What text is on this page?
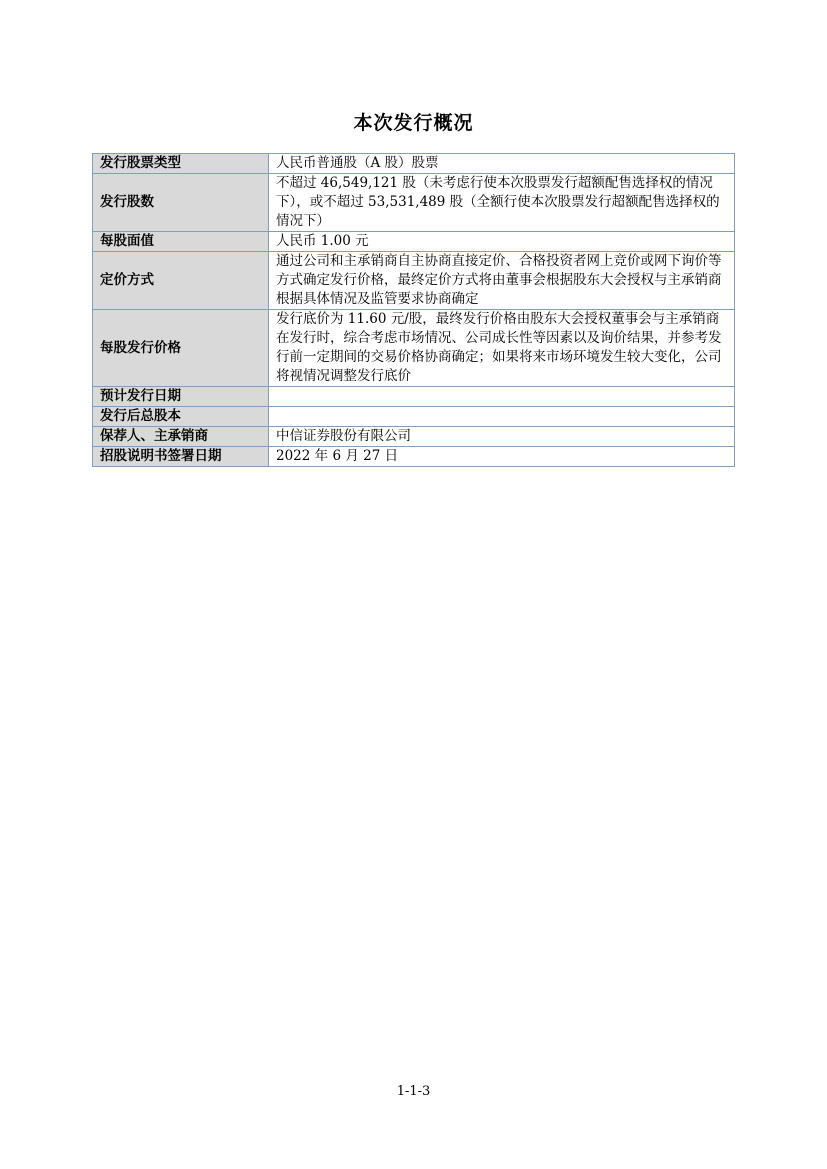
本次发行概况
发行股票类型	人民币普通股（A 股）股票
发行股数	不超过 46,549,121 股（未考虑行使本次股票发行超额配售选择权的情况下），或不超过 53,531,489 股（全额行使本次股票发行超额配售选择权的情况下）
每股面值	人民币 1.00 元
定价方式	通过公司和主承销商自主协商直接定价、合格投资者网上竞价或网下询价等方式确定发行价格，最终定价方式将由董事会根据股东大会授权与主承销商根据具体情况及监管要求协商确定
每股发行价格	发行底价为 11.60 元/股，最终发行价格由股东大会授权董事会与主承销商在发行时，综合考虑市场情况、公司成长性等因素以及询价结果，并参考发行前一定期间的交易价格协商确定；如果将来市场环境发生较大变化，公司将视情况调整发行底价
预计发行日期	
发行后总股本	
保荐人、主承销商	中信证券股份有限公司
招股说明书签署日期	2022 年 6 月 27 日
1-1-3
